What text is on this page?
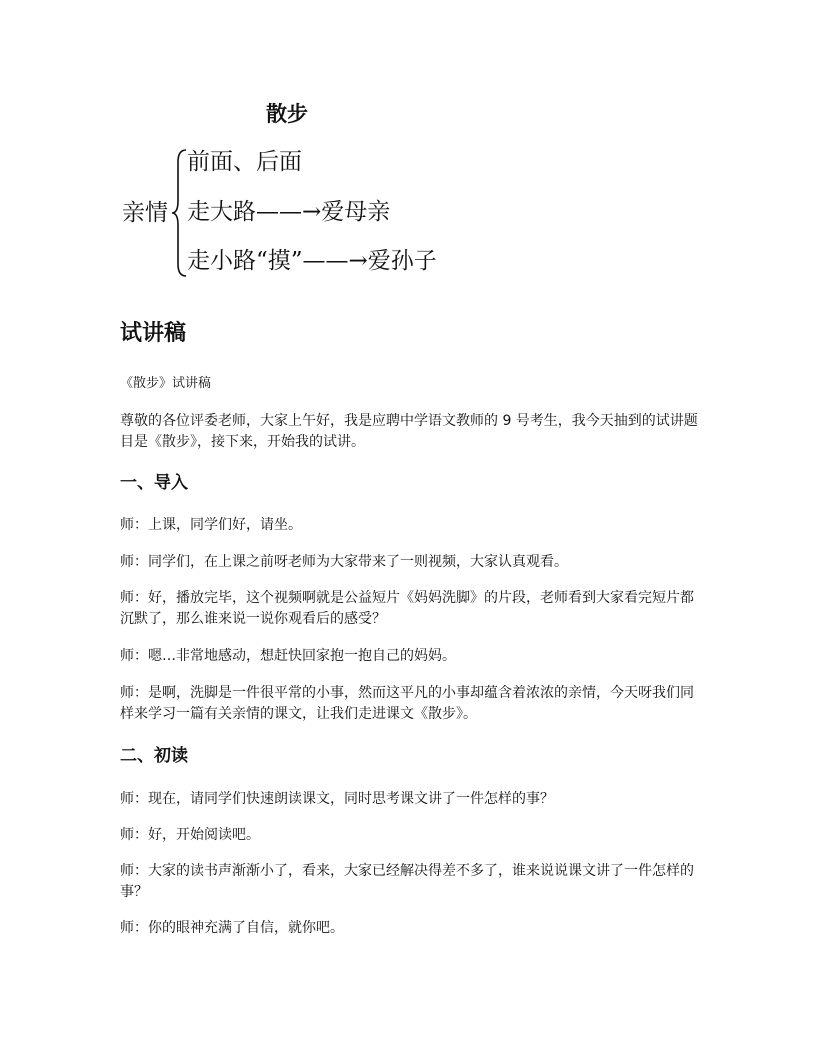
散步
亲情
前面、后面
走大路——→爱母亲
走小路“摸”——→爱孙子
试讲稿
《散步》试讲稿
尊敬的各位评委老师，大家上午好，我是应聘中学语文教师的 9 号考生，我今天抽到的试讲题目是《散步》，接下来，开始我的试讲。
一、导入
师：上课，同学们好，请坐。
师：同学们，在上课之前呀老师为大家带来了一则视频，大家认真观看。
师：好，播放完毕，这个视频啊就是公益短片《妈妈洗脚》的片段，老师看到大家看完短片都沉默了，那么谁来说一说你观看后的感受？
师：嗯…非常地感动，想赶快回家抱一抱自己的妈妈。
师：是啊，洗脚是一件很平常的小事，然而这平凡的小事却蕴含着浓浓的亲情，今天呀我们同样来学习一篇有关亲情的课文，让我们走进课文《散步》。
二、初读
师：现在，请同学们快速朗读课文，同时思考课文讲了一件怎样的事？
师：好，开始阅读吧。
师：大家的读书声渐渐小了，看来，大家已经解决得差不多了，谁来说说课文讲了一件怎样的事？
师：你的眼神充满了自信，就你吧。
